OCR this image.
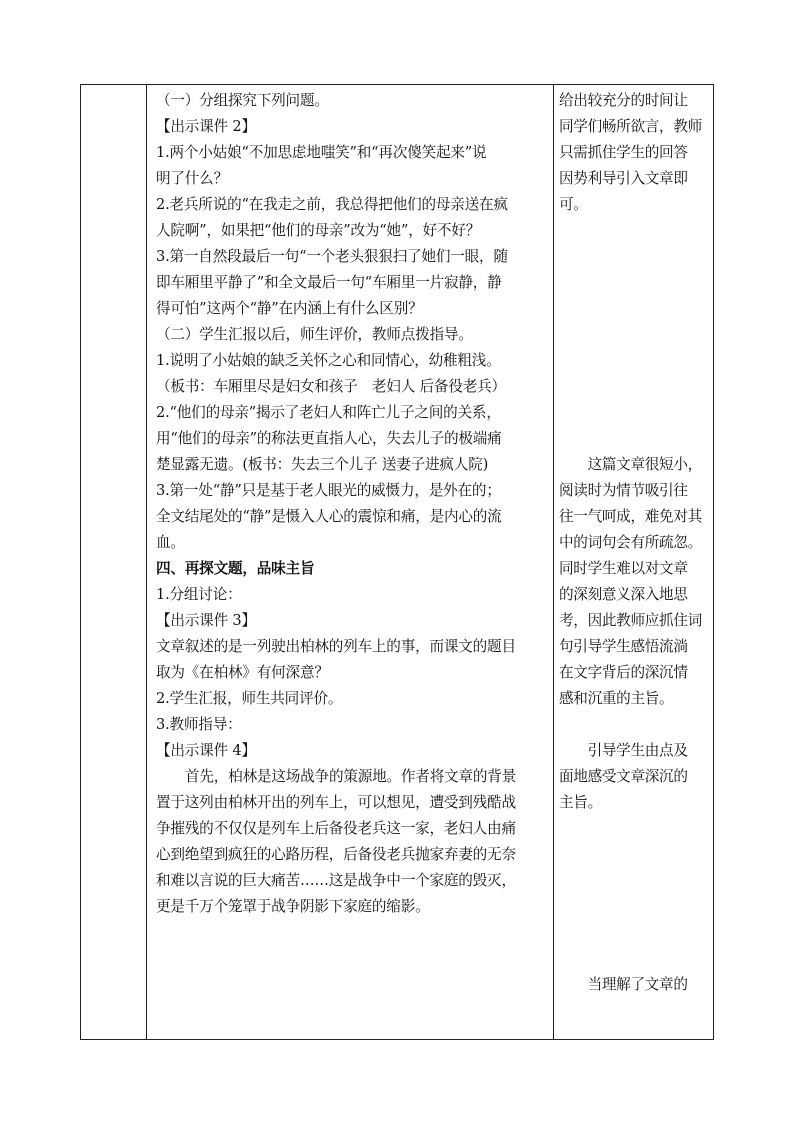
（一）分组探究下列问题。
【出示课件 2】
1.两个小姑娘“不加思虑地嗤笑”和“再次傻笑起来”说
明了什么？
2.老兵所说的“在我走之前，我总得把他们的母亲送在疯
人院啊”，如果把“他们的母亲”改为“她”，好不好？
3.第一自然段最后一句“一个老头狠狠扫了她们一眼，随
即车厢里平静了”和全文最后一句“车厢里一片寂静，静
得可怕”这两个“静”在内涵上有什么区别？
（二）学生汇报以后，师生评价，教师点拨指导。
1.说明了小姑娘的缺乏关怀之心和同情心，幼稚粗浅。
（板书：车厢里尽是妇女和孩子　老妇人 后备役老兵）
2.“他们的母亲”揭示了老妇人和阵亡儿子之间的关系，
用“他们的母亲”的称法更直指人心，失去儿子的极端痛
楚显露无遗。(板书：失去三个儿子 送妻子进疯人院)
3.第一处“静”只是基于老人眼光的威慑力，是外在的；
全文结尾处的“静”是慑入人心的震惊和痛，是内心的流
血。
四、再探文题，品味主旨
1.分组讨论：
【出示课件 3】
文章叙述的是一列驶出柏林的列车上的事，而课文的题目
取为《在柏林》有何深意？
2.学生汇报，师生共同评价。
3.教师指导：
【出示课件 4】
首先，柏林是这场战争的策源地。作者将文章的背景
置于这列由柏林开出的列车上，可以想见，遭受到残酷战
争摧残的不仅仅是列车上后备役老兵这一家，老妇人由痛
心到绝望到疯狂的心路历程，后备役老兵抛家弃妻的无奈
和难以言说的巨大痛苦……这是战争中一个家庭的毁灭，
更是千万个笼罩于战争阴影下家庭的缩影。
给出较充分的时间让
同学们畅所欲言，教师
只需抓住学生的回答
因势利导引入文章即
可。
　　这篇文章很短小，
阅读时为情节吸引往
往一气呵成，难免对其
中的词句会有所疏忽。
同时学生难以对文章
的深刻意义深入地思
考，因此教师应抓住词
句引导学生感悟流淌
在文字背后的深沉情
感和沉重的主旨。
　　引导学生由点及
面地感受文章深沉的
主旨。
　　当理解了文章的
